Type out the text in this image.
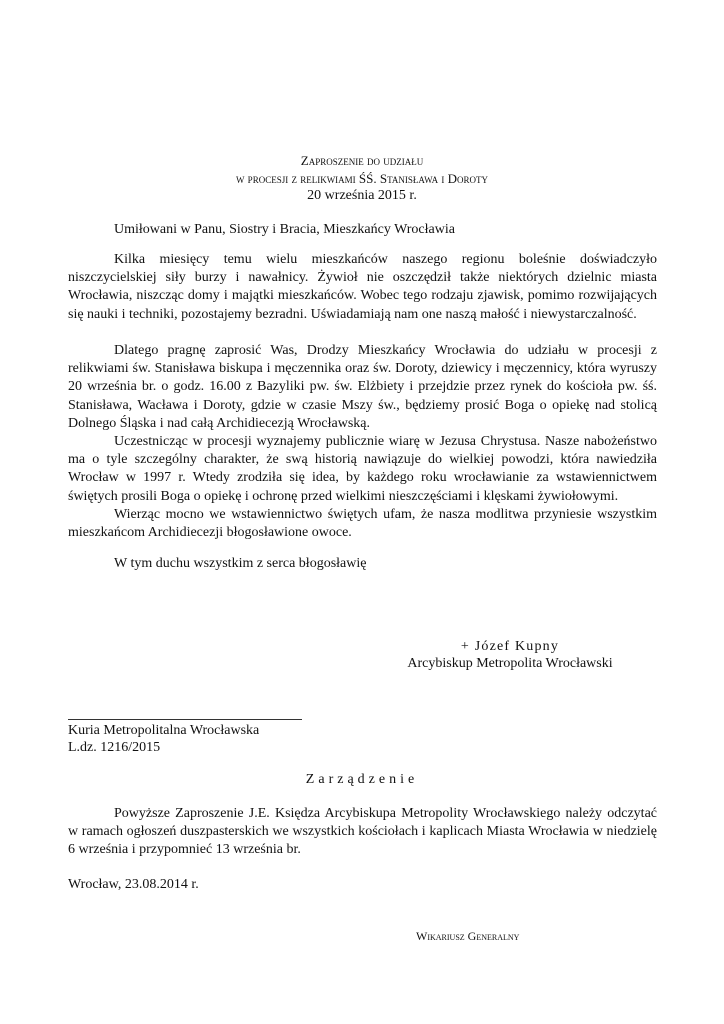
Zaproszenie do udziału
w procesji z relikwiami ŚŚ. Stanisława i Doroty
20 września 2015 r.
Umiłowani w Panu, Siostry i Bracia, Mieszkańcy Wrocławia
Kilka miesięcy temu wielu mieszkańców naszego regionu boleśnie doświadczyło niszczycielskiej siły burzy i nawałnicy. Żywioł nie oszczędził także niektórych dzielnic miasta Wrocławia, niszcząc domy i majątki mieszkańców. Wobec tego rodzaju zjawisk, pomimo rozwijających się nauki i techniki, pozostajemy bezradni. Uświadamiają nam one naszą małość i niewystarczalność.
Dlatego pragnę zaprosić Was, Drodzy Mieszkańcy Wrocławia do udziału w procesji z relikwiami św. Stanisława biskupa i męczennika oraz św. Doroty, dziewicy i męczennicy, która wyruszy 20 września br. o godz. 16.00 z Bazyliki pw. św. Elżbiety i przejdzie przez rynek do kościoła pw. śś. Stanisława, Wacława i Doroty, gdzie w czasie Mszy św., będziemy prosić Boga o opiekę nad stolicą Dolnego Śląska i nad całą Archidiecezją Wrocławską.
Uczestnicząc w procesji wyznajemy publicznie wiarę w Jezusa Chrystusa. Nasze nabożeństwo ma o tyle szczególny charakter, że swą historią nawiązuje do wielkiej powodzi, która nawiedziła Wrocław w 1997 r. Wtedy zrodziła się idea, by każdego roku wrocławianie za wstawiennictwem świętych prosili Boga o opiekę i ochronę przed wielkimi nieszczęściami i klęskami żywiołowymi.
Wierząc mocno we wstawiennictwo świętych ufam, że nasza modlitwa przyniesie wszystkim mieszkańcom Archidiecezji błogosławione owoce.
W tym duchu wszystkim z serca błogosławię
+ Józef Kupny
Arcybiskup Metropolita Wrocławski
Kuria Metropolitalna Wrocławska
L.dz. 1216/2015
Zarządzenie
Powyższe Zaproszenie J.E. Księdza Arcybiskupa Metropolity Wrocławskiego należy odczytać w ramach ogłoszeń duszpasterskich we wszystkich kościołach i kaplicach Miasta Wrocławia w niedzielę 6 września i przypomnieć 13 września br.
Wrocław, 23.08.2014 r.
Wikariusz Generalny
